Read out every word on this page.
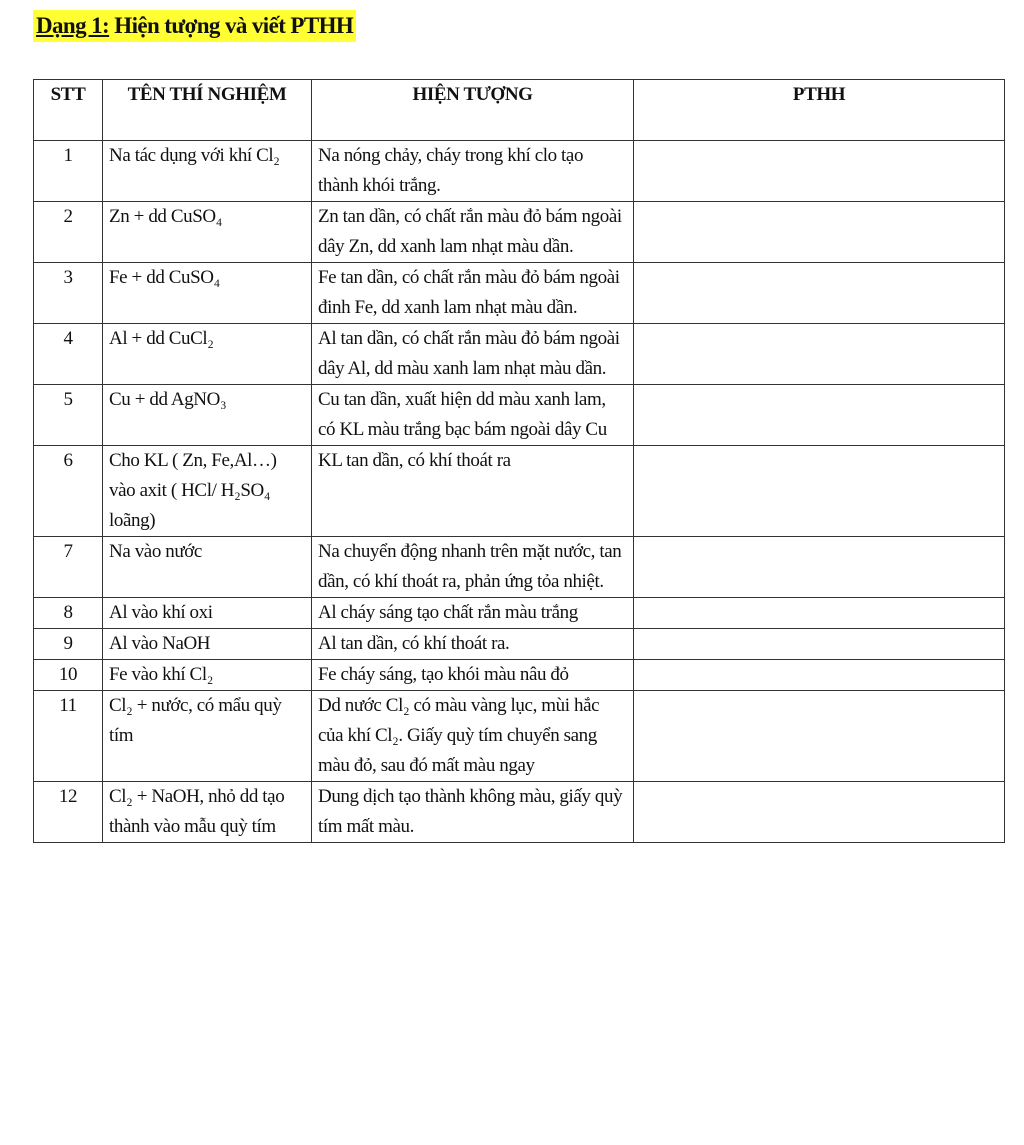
Dạng 1: Hiện tượng và viết PTHH
STT	TÊN THÍ NGHIỆM	HIỆN TƯỢNG	PTHH
1	Na tác dụng với khí Cl₂	Na nóng chảy, cháy trong khí clo tạo thành khói trắng.	
2	Zn + dd CuSO₄	Zn tan dần, có chất rắn màu đỏ bám ngoài dây Zn, dd xanh lam nhạt màu dần.	
3	Fe + dd CuSO₄	Fe tan dần, có chất rắn màu đỏ bám ngoài đinh Fe, dd xanh lam nhạt màu dần.	
4	Al + dd CuCl₂	Al tan dần, có chất rắn màu đỏ bám ngoài dây Al, dd màu xanh lam nhạt màu dần.	
5	Cu + dd AgNO₃	Cu tan dần, xuất hiện dd màu xanh lam, có KL màu trắng bạc bám ngoài dây Cu	
6	Cho KL ( Zn, Fe,Al…) vào axit ( HCl/ H₂SO₄ loãng)	KL tan dần, có khí thoát ra	
7	Na vào nước	Na chuyển động nhanh trên mặt nước, tan dần, có khí thoát ra, phản ứng tỏa nhiệt.	
8	Al vào khí oxi	Al cháy sáng tạo chất rắn màu trắng	
9	Al vào NaOH	Al tan dần, có khí thoát ra.	
10	Fe vào khí Cl₂	Fe cháy sáng, tạo khói màu nâu đỏ	
11	Cl₂ + nước, có mẩu quỳ tím	Dd nước Cl₂ có màu vàng lục, mùi hắc của khí Cl₂. Giấy quỳ tím chuyển sang màu đỏ, sau đó mất màu ngay	
12	Cl₂ + NaOH, nhỏ dd tạo thành vào mẫu quỳ tím	Dung dịch tạo thành không màu, giấy quỳ tím mất màu.	
